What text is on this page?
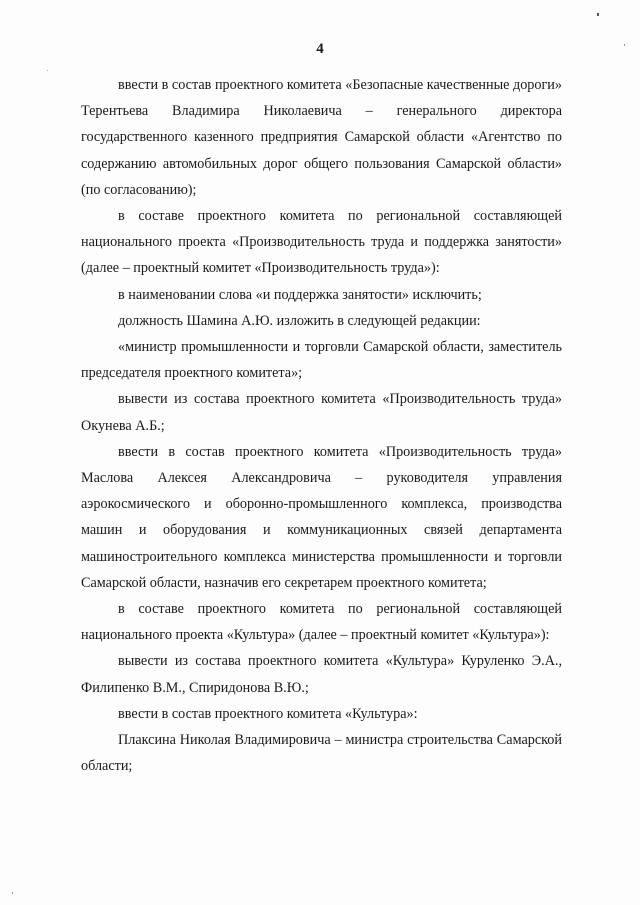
4

ввести в состав проектного комитета «Безопасные качественные дороги» Терентьева Владимира Николаевича – генерального директора государственного казенного предприятия Самарской области «Агентство по содержанию автомобильных дорог общего пользования Самарской области» (по согласованию);

в составе проектного комитета по региональной составляющей национального проекта «Производительность труда и поддержка занятости» (далее – проектный комитет «Производительность труда»):

в наименовании слова «и поддержка занятости» исключить;

должность Шамина А.Ю. изложить в следующей редакции:

«министр промышленности и торговли Самарской области, заместитель председателя проектного комитета»;

вывести из состава проектного комитета «Производительность труда» Окунева А.Б.;

ввести в состав проектного комитета «Производительность труда» Маслова Алексея Александровича – руководителя управления аэрокосмического и оборонно-промышленного комплекса, производства машин и оборудования и коммуникационных связей департамента машиностроительного комплекса министерства промышленности и торговли Самарской области, назначив его секретарем проектного комитета;

в составе проектного комитета по региональной составляющей национального проекта «Культура» (далее – проектный комитет «Культура»):

вывести из состава проектного комитета «Культура» Куруленко Э.А., Филипенко В.М., Спиридонова В.Ю.;

ввести в состав проектного комитета «Культура»:

Плаксина Николая Владимировича – министра строительства Самарской области;
